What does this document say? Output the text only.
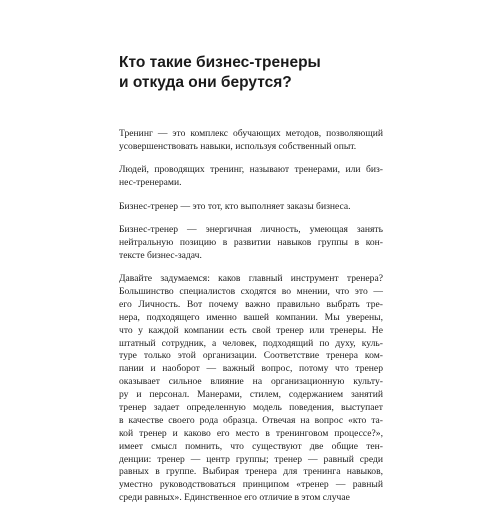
Кто такие бизнес-тренеры
и откуда они берутся?

Тренинг — это комплекс обучающих методов, позволяющий
усовершенствовать навыки, используя собственный опыт.

Людей, проводящих тренинг, называют тренерами, или биз-
нес-тренерами.

Бизнес-тренер — это тот, кто выполняет заказы бизнеса.

Бизнес-тренер — энергичная личность, умеющая занять
нейтральную позицию в развитии навыков группы в кон-
тексте бизнес-задач.

Давайте задумаемся: каков главный инструмент тренера?
Большинство специалистов сходятся во мнении, что это —
его Личность. Вот почему важно правильно выбрать тре-
нера, подходящего именно вашей компании. Мы уверены,
что у каждой компании есть свой тренер или тренеры. Не
штатный сотрудник, а человек, подходящий по духу, куль-
туре только этой организации. Соответствие тренера ком-
пании и наоборот — важный вопрос, потому что тренер
оказывает сильное влияние на организационную культу-
ру и персонал. Манерами, стилем, содержанием занятий
тренер задает определенную модель поведения, выступает
в качестве своего рода образца. Отвечая на вопрос «кто та-
кой тренер и каково его место в тренинговом процессе?»,
имеет смысл помнить, что существуют две общие тен-
денции: тренер — центр группы; тренер — равный среди
равных в группе. Выбирая тренера для тренинга навыков,
уместно руководствоваться принципом «тренер — равный
среди равных». Единственное его отличие в этом случае
